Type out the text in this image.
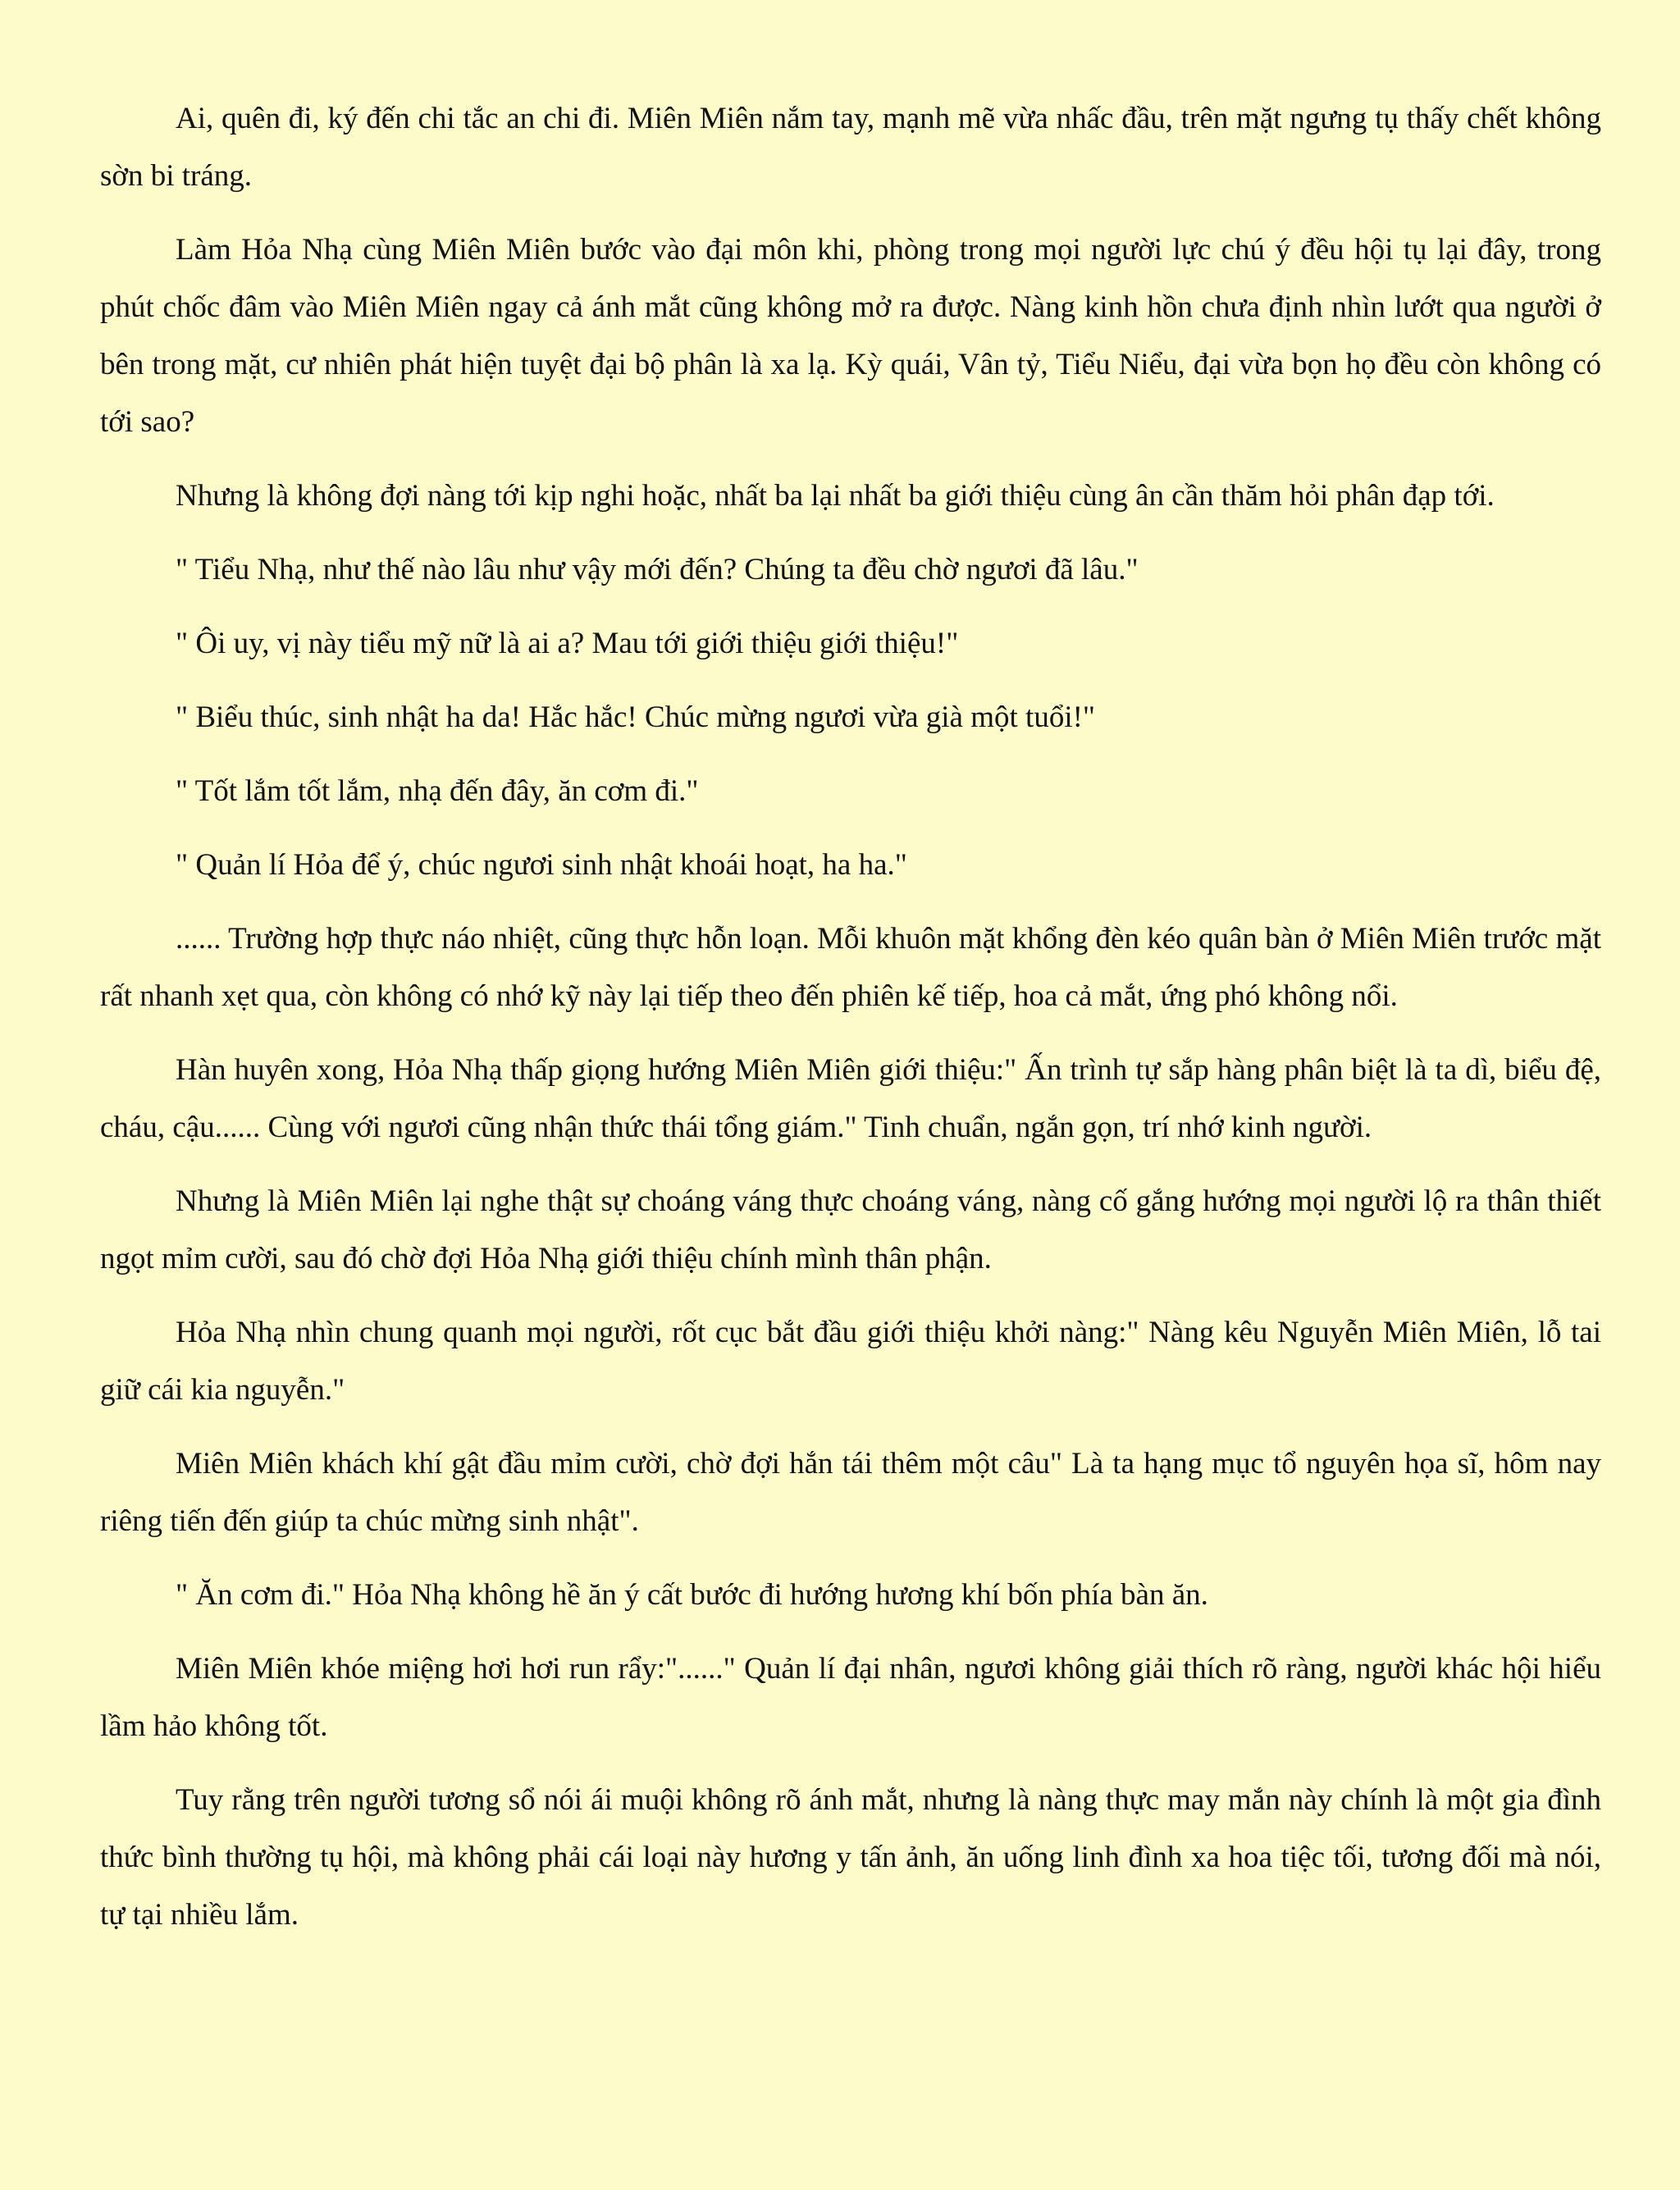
Ai, quên đi, ký đến chi tắc an chi đi. Miên Miên nắm tay, mạnh mẽ vừa nhấc đầu, trên mặt ngưng tụ thấy chết không sờn bi tráng.

Làm Hỏa Nhạ cùng Miên Miên bước vào đại môn khi, phòng trong mọi người lực chú ý đều hội tụ lại đây, trong phút chốc đâm vào Miên Miên ngay cả ánh mắt cũng không mở ra được. Nàng kinh hồn chưa định nhìn lướt qua người ở bên trong mặt, cư nhiên phát hiện tuyệt đại bộ phân là xa lạ. Kỳ quái, Vân tỷ, Tiểu Niểu, đại vừa bọn họ đều còn không có tới sao?

Nhưng là không đợi nàng tới kịp nghi hoặc, nhất ba lại nhất ba giới thiệu cùng ân cần thăm hỏi phân đạp tới.

" Tiểu Nhạ, như thế nào lâu như vậy mới đến? Chúng ta đều chờ ngươi đã lâu."

" Ôi uy, vị này tiểu mỹ nữ là ai a? Mau tới giới thiệu giới thiệu!"

" Biểu thúc, sinh nhật ha da! Hắc hắc! Chúc mừng ngươi vừa già một tuổi!"

" Tốt lắm tốt lắm, nhạ đến đây, ăn cơm đi."

" Quản lí Hỏa để ý, chúc ngươi sinh nhật khoái hoạt, ha ha."

...... Trường hợp thực náo nhiệt, cũng thực hỗn loạn. Mỗi khuôn mặt khổng đèn kéo quân bàn ở Miên Miên trước mặt rất nhanh xẹt qua, còn không có nhớ kỹ này lại tiếp theo đến phiên kế tiếp, hoa cả mắt, ứng phó không nổi.

Hàn huyên xong, Hỏa Nhạ thấp giọng hướng Miên Miên giới thiệu:" Ấn trình tự sắp hàng phân biệt là ta dì, biểu đệ, cháu, cậu...... Cùng với ngươi cũng nhận thức thái tổng giám." Tinh chuẩn, ngắn gọn, trí nhớ kinh người.

Nhưng là Miên Miên lại nghe thật sự choáng váng thực choáng váng, nàng cố gắng hướng mọi người lộ ra thân thiết ngọt mỉm cười, sau đó chờ đợi Hỏa Nhạ giới thiệu chính mình thân phận.

Hỏa Nhạ nhìn chung quanh mọi người, rốt cục bắt đầu giới thiệu khởi nàng:" Nàng kêu Nguyễn Miên Miên, lỗ tai giữ cái kia nguyễn."

Miên Miên khách khí gật đầu mỉm cười, chờ đợi hắn tái thêm một câu" Là ta hạng mục tổ nguyên họa sĩ, hôm nay riêng tiến đến giúp ta chúc mừng sinh nhật".

" Ăn cơm đi." Hỏa Nhạ không hề ăn ý cất bước đi hướng hương khí bốn phía bàn ăn.

Miên Miên khóe miệng hơi hơi run rẩy:"......" Quản lí đại nhân, ngươi không giải thích rõ ràng, người khác hội hiểu lầm hảo không tốt.

Tuy rằng trên người tương sổ nói ái muội không rõ ánh mắt, nhưng là nàng thực may mắn này chính là một gia đình thức bình thường tụ hội, mà không phải cái loại này hương y tấn ảnh, ăn uống linh đình xa hoa tiệc tối, tương đối mà nói, tự tại nhiều lắm.
